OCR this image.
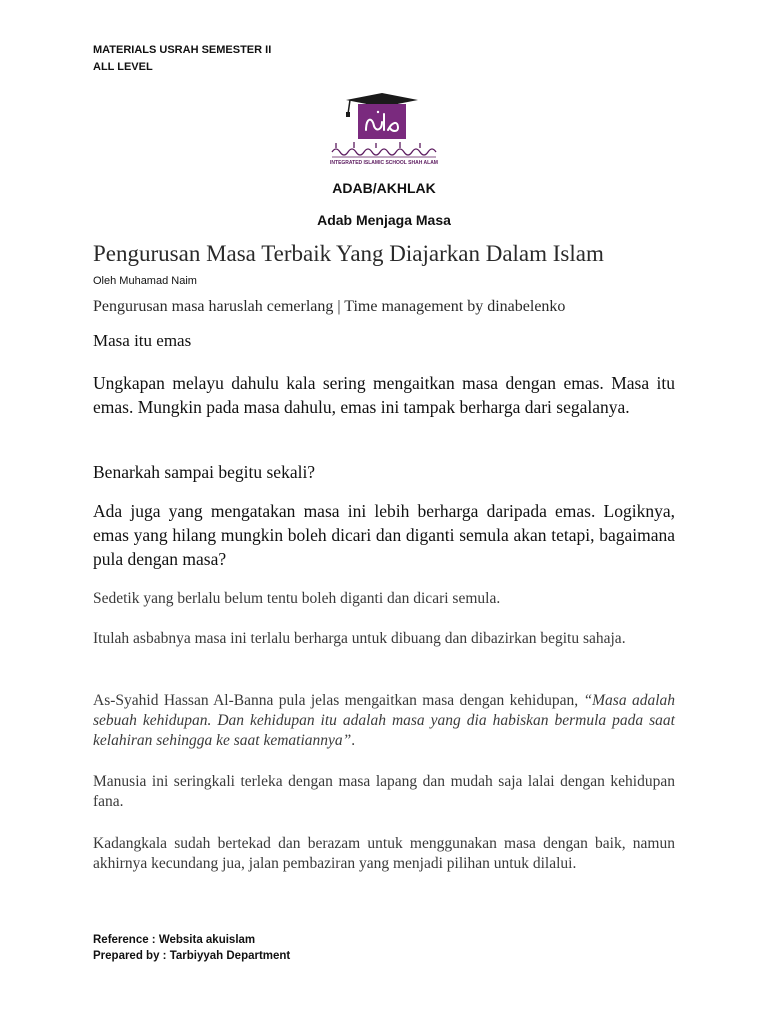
MATERIALS USRAH SEMESTER II
ALL LEVEL
INTEGRATED ISLAMIC SCHOOL SHAH ALAM
ADAB/AKHLAK
Adab Menjaga Masa
Pengurusan Masa Terbaik Yang Diajarkan Dalam Islam
Oleh Muhamad Naim
Pengurusan masa haruslah cemerlang | Time management by dinabelenko
Masa itu emas

Ungkapan melayu dahulu kala sering mengaitkan masa dengan emas. Masa itu emas. Mungkin pada masa dahulu, emas ini tampak berharga dari segalanya.

Benarkah sampai begitu sekali?

Ada juga yang mengatakan masa ini lebih berharga daripada emas. Logiknya, emas yang hilang mungkin boleh dicari dan diganti semula akan tetapi, bagaimana pula dengan masa?

Sedetik yang berlalu belum tentu boleh diganti dan dicari semula.

Itulah asbabnya masa ini terlalu berharga untuk dibuang dan dibazirkan begitu sahaja.

As-Syahid Hassan Al-Banna pula jelas mengaitkan masa dengan kehidupan, “Masa adalah sebuah kehidupan. Dan kehidupan itu adalah masa yang dia habiskan bermula pada saat kelahiran sehingga ke saat kematiannya”.

Manusia ini seringkali terleka dengan masa lapang dan mudah saja lalai dengan kehidupan fana.

Kadangkala sudah bertekad dan berazam untuk menggunakan masa dengan baik, namun akhirnya kecundang jua, jalan pembaziran yang menjadi pilihan untuk dilalui.

Reference : Websita akuislam
Prepared by : Tarbiyyah Department
